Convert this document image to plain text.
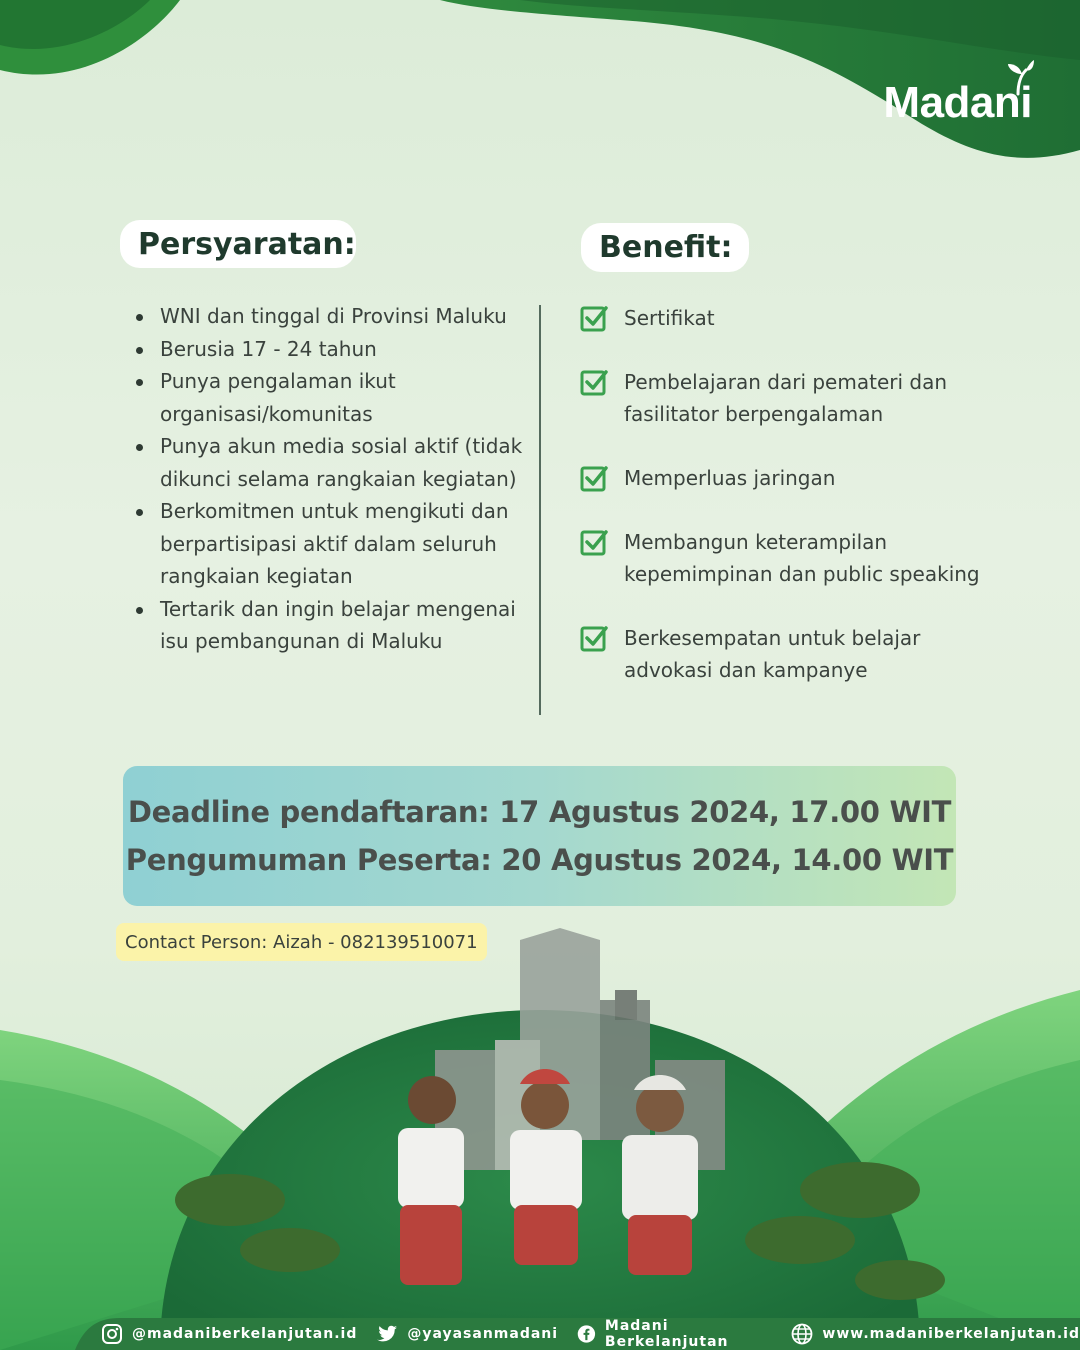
Madani
Persyaratan:	Benefit:
WNI dan tinggal di Provinsi Maluku
Berusia 17 - 24 tahun
Punya pengalaman ikut organisasi/komunitas
Punya akun media sosial aktif (tidak dikunci selama rangkaian kegiatan)
Berkomitmen untuk mengikuti dan berpartisipasi aktif dalam seluruh rangkaian kegiatan
Tertarik dan ingin belajar mengenai isu pembangunan di Maluku
Sertifikat
Pembelajaran dari pemateri dan fasilitator berpengalaman
Memperluas jaringan
Membangun keterampilan kepemimpinan dan public speaking
Berkesempatan untuk belajar advokasi dan kampanye
Deadline pendaftaran: 17 Agustus 2024, 17.00 WIT
Pengumuman Peserta: 20 Agustus 2024, 14.00 WIT
Contact Person: Aizah - 082139510071
@madaniberkelanjutan.id	@yayasanmadani	Madani Berkelanjutan	www.madaniberkelanjutan.id
